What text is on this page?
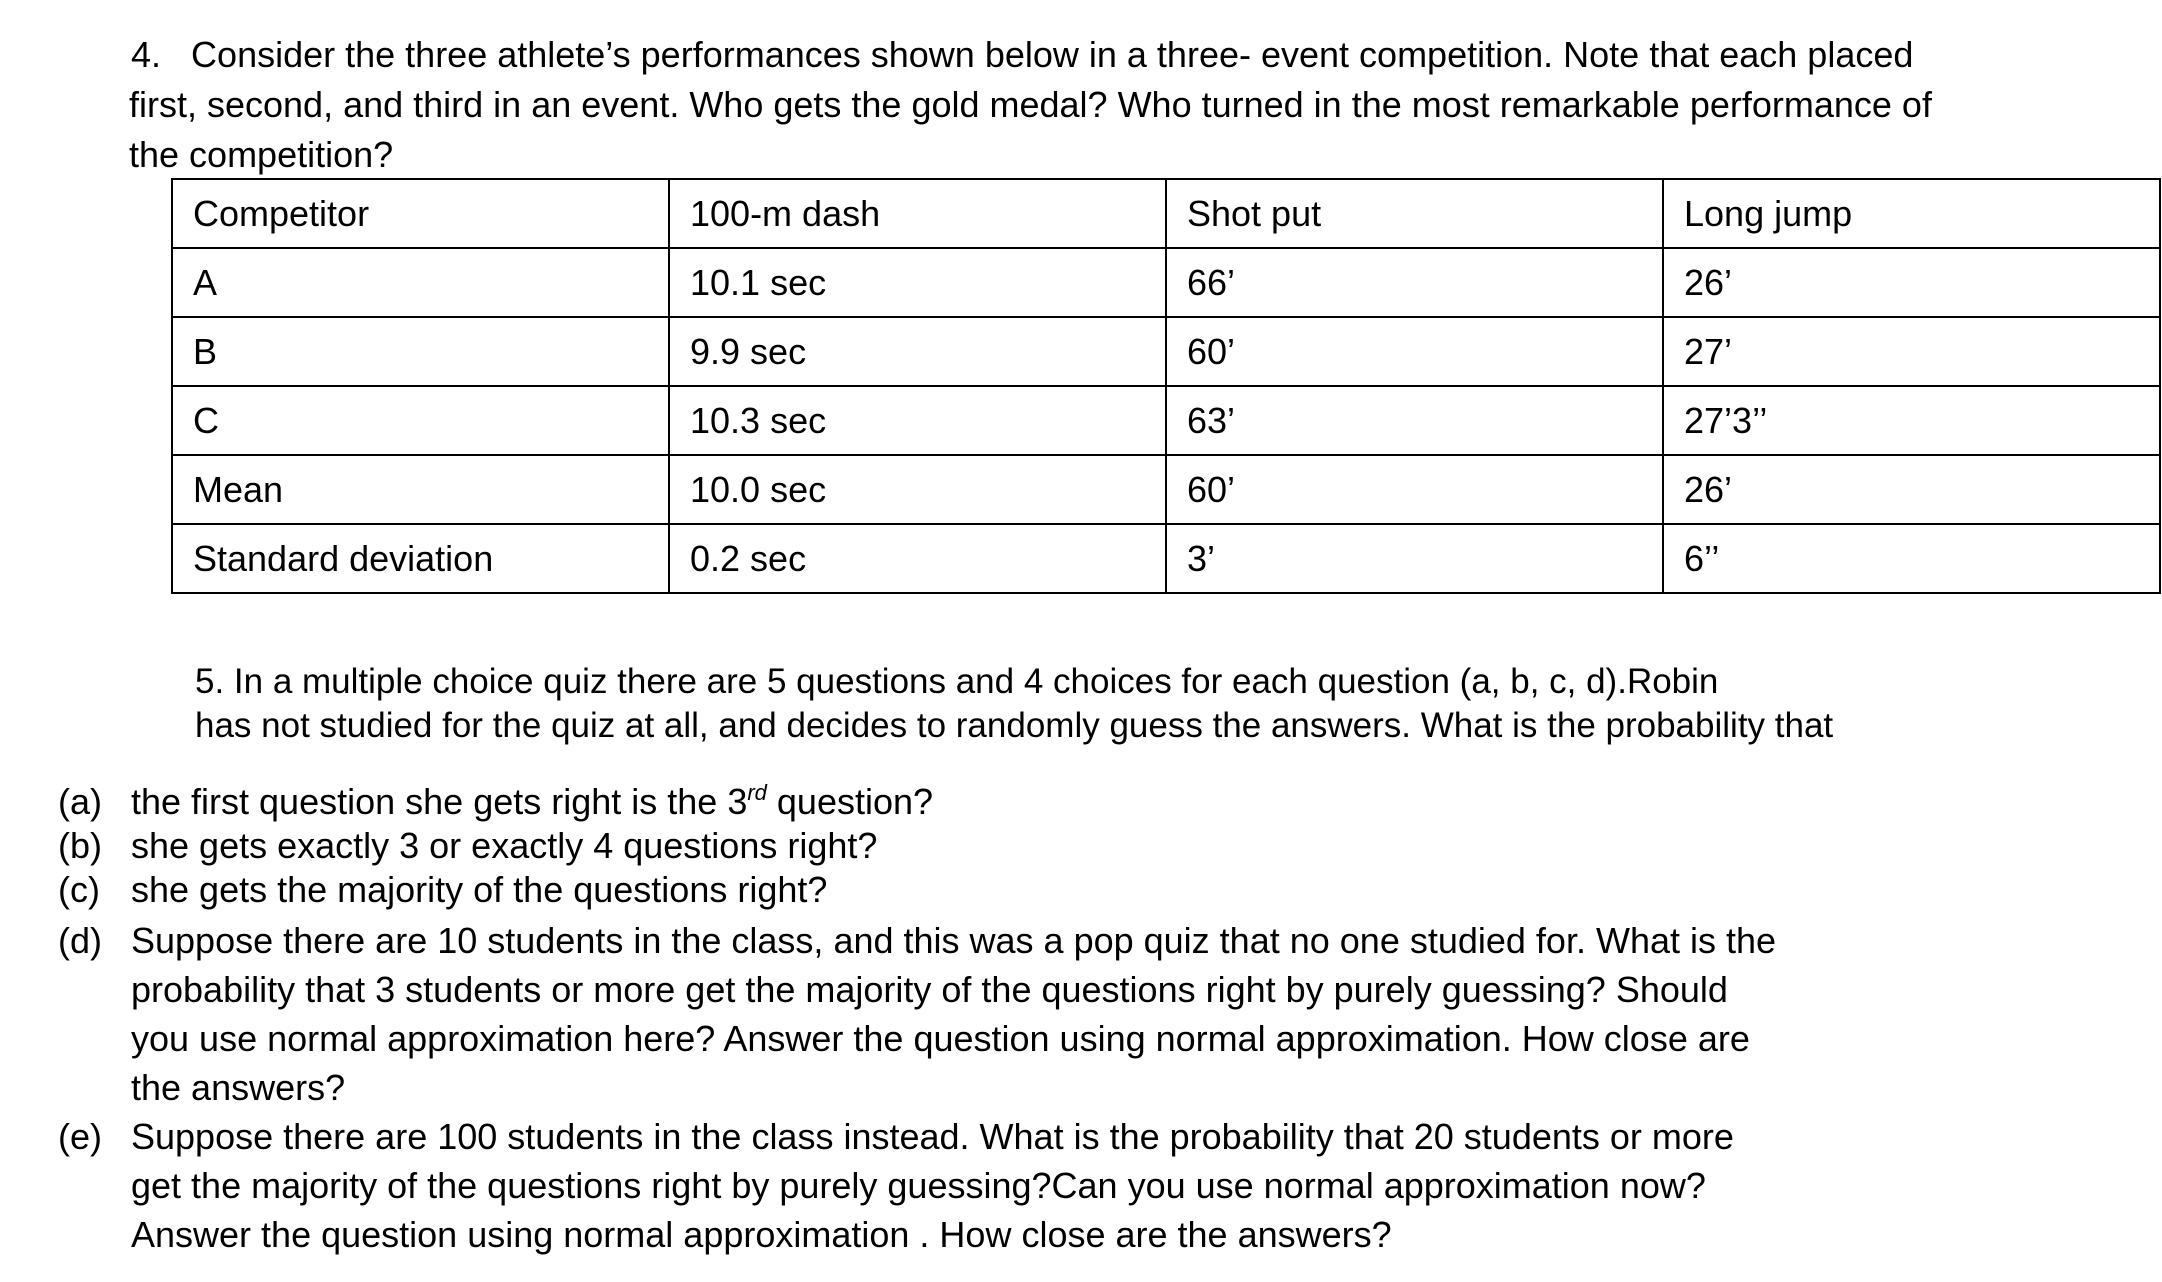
4. Consider the three athlete’s performances shown below in a three- event competition. Note that each placed
first, second, and third in an event. Who gets the gold medal? Who turned in the most remarkable performance of
the competition?
Competitor	100-m dash	Shot put	Long jump
A	10.1 sec	66’	26’
B	9.9 sec	60’	27’
C	10.3 sec	63’	27’3’’
Mean	10.0 sec	60’	26’
Standard deviation	0.2 sec	3’	6’’
5. In a multiple choice quiz there are 5 questions and 4 choices for each question (a, b, c, d).Robin
has not studied for the quiz at all, and decides to randomly guess the answers. What is the probability that
(a) the first question she gets right is the 3rd question?
(b) she gets exactly 3 or exactly 4 questions right?
(c) she gets the majority of the questions right?
(d) Suppose there are 10 students in the class, and this was a pop quiz that no one studied for. What is the
probability that 3 students or more get the majority of the questions right by purely guessing? Should
you use normal approximation here? Answer the question using normal approximation. How close are
the answers?
(e) Suppose there are 100 students in the class instead. What is the probability that 20 students or more
get the majority of the questions right by purely guessing?Can you use normal approximation now?
Answer the question using normal approximation . How close are the answers?
